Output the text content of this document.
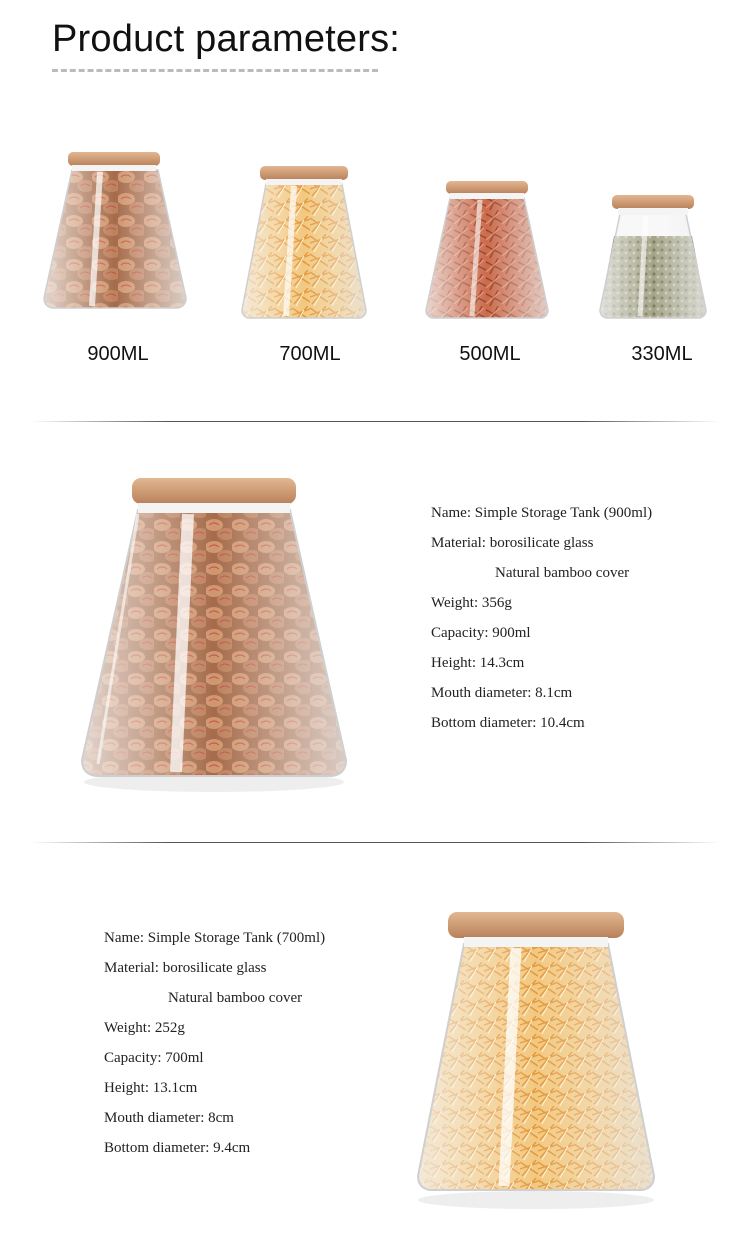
Product parameters:
900ML	700ML	500ML	330ML
Name: Simple Storage Tank (900ml)
Material: borosilicate glass
Natural bamboo cover
Weight: 356g
Capacity: 900ml
Height: 14.3cm
Mouth diameter: 8.1cm
Bottom diameter: 10.4cm
Name: Simple Storage Tank (700ml)
Material: borosilicate glass
Natural bamboo cover
Weight: 252g
Capacity: 700ml
Height: 13.1cm
Mouth diameter: 8cm
Bottom diameter: 9.4cm
